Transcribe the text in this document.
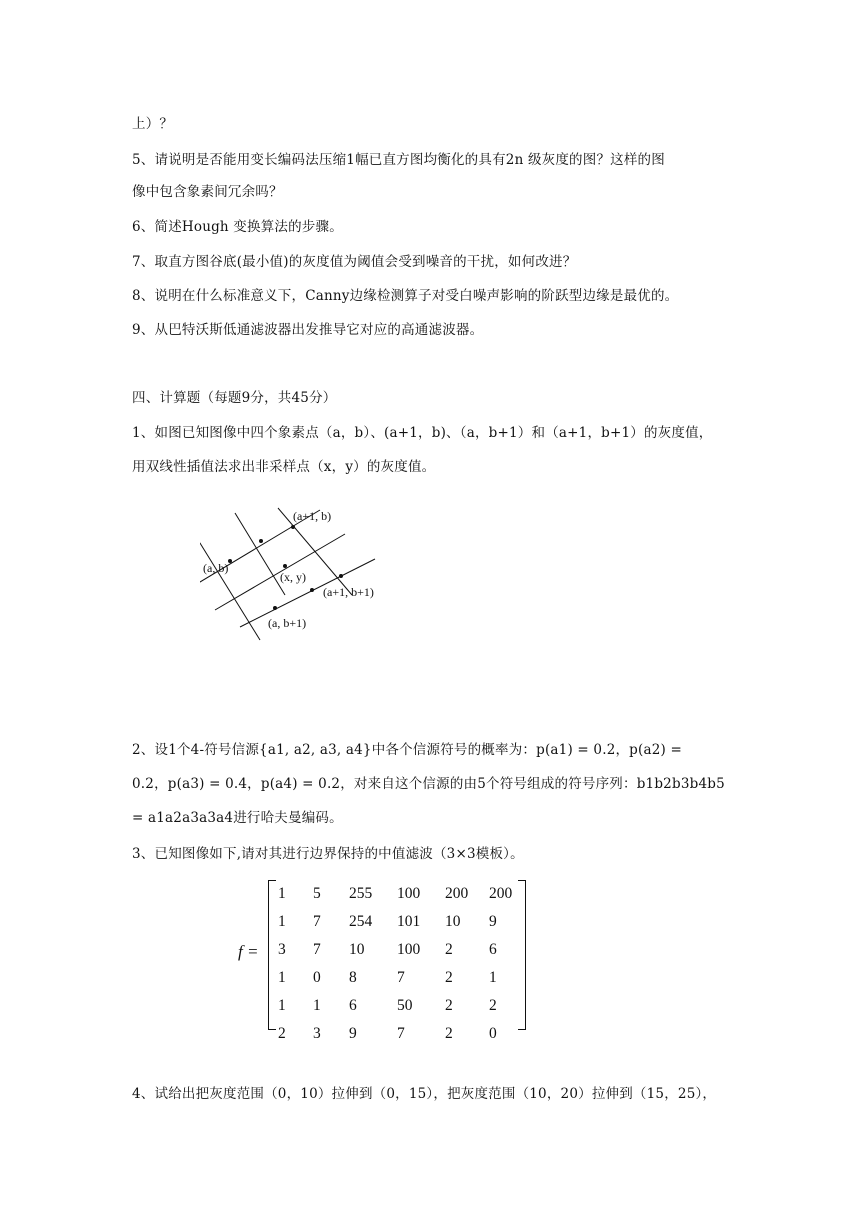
上）？
5、请说明是否能用变长编码法压缩1幅已直方图均衡化的具有2n 级灰度的图？这样的图
像中包含象素间冗余吗？
6、简述Hough 变换算法的步骤。
7、取直方图谷底(最小值)的灰度值为阈值会受到噪音的干扰，如何改进？
8、说明在什么标准意义下，Canny边缘检测算子对受白噪声影响的阶跃型边缘是最优的。
9、从巴特沃斯低通滤波器出发推导它对应的高通滤波器。
四、计算题（每题9分，共45分）
1、如图已知图像中四个象素点（a，b）、(a+1，b)、（a，b+1）和（a+1，b+1）的灰度值，
用双线性插值法求出非采样点（x，y）的灰度值。
(a+1, b)
(a, b)
(x, y)
(a+1, b+1)
(a, b+1)
2、设1个4-符号信源{a1, a2, a3, a4}中各个信源符号的概率为：p(a1) = 0.2，p(a2) =
0.2，p(a3) = 0.4，p(a4) = 0.2，对来自这个信源的由5个符号组成的符号序列：b1b2b3b4b5
= a1a2a3a3a4进行哈夫曼编码。
3、已知图像如下,请对其进行边界保持的中值滤波（3×3模板）。
f =
1	5	255	100	200	200
1	7	254	101	10	9
3	7	10	100	2	6
1	0	8	7	2	1
1	1	6	50	2	2
2	3	9	7	2	0
4、试给出把灰度范围（0，10）拉伸到（0，15），把灰度范围（10，20）拉伸到（15，25），
